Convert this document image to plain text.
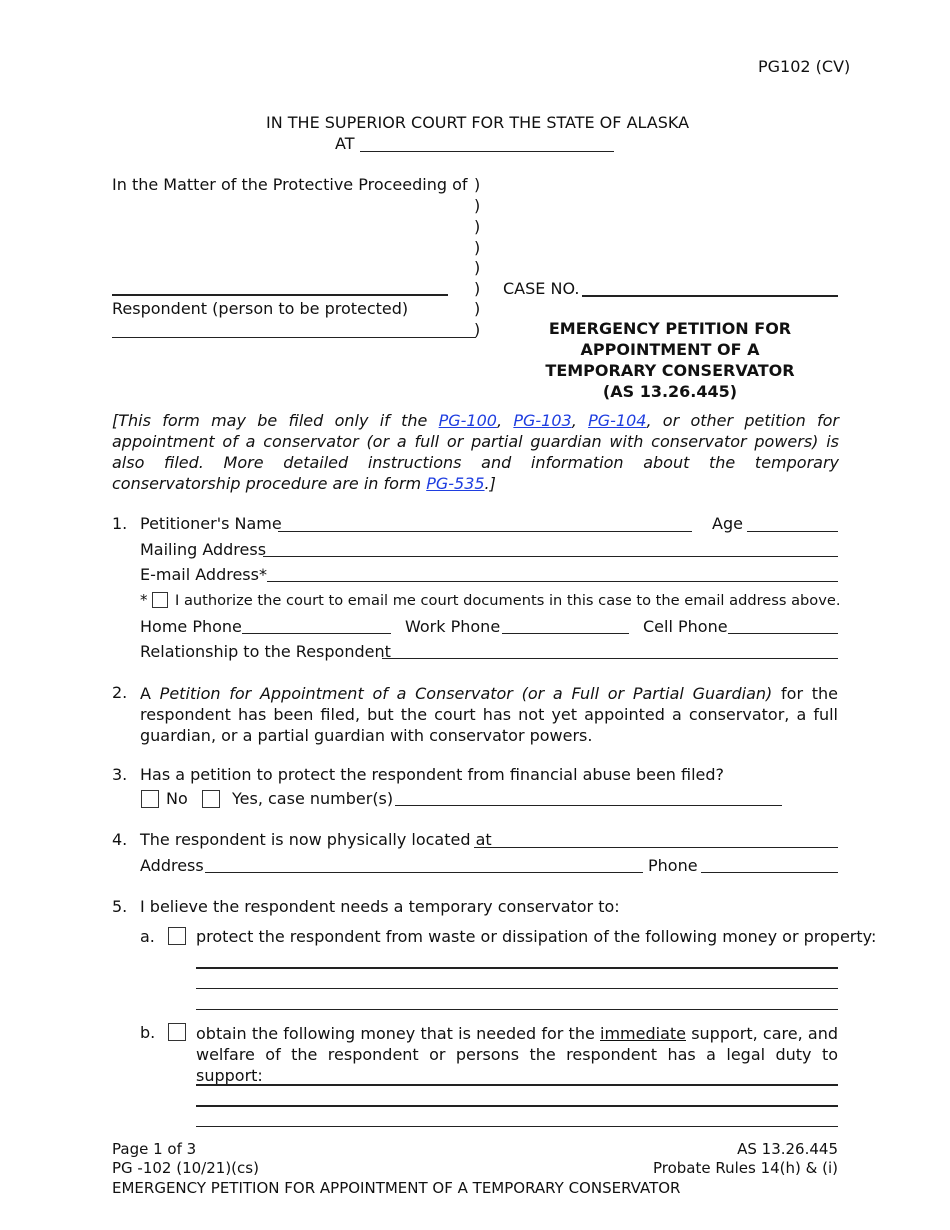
PG102 (CV)
IN THE SUPERIOR COURT FOR THE STATE OF ALASKA
AT
In the Matter of the Protective Proceeding of )
)
)
)
)
)
)
)
Respondent (person to be protected)
CASE NO.
EMERGENCY PETITION FOR
APPOINTMENT OF A
TEMPORARY CONSERVATOR
(AS 13.26.445)
[This form may be filed only if the PG-100, PG-103, PG-104, or other petition for appointment of a conservator (or a full or partial guardian with conservator powers) is also filed. More detailed instructions and information about the temporary conservatorship procedure are in form PG-535.]
1. Petitioner's Name	Age
Mailing Address
E-mail Address*
* I authorize the court to email me court documents in this case to the email address above.
Home Phone	Work Phone	Cell Phone
Relationship to the Respondent
2. A Petition for Appointment of a Conservator (or a Full or Partial Guardian) for the respondent has been filed, but the court has not yet appointed a conservator, a full guardian, or a partial guardian with conservator powers.
3. Has a petition to protect the respondent from financial abuse been filed?
No	Yes, case number(s)
4. The respondent is now physically located at
Address	Phone
5. I believe the respondent needs a temporary conservator to:
a.	protect the respondent from waste or dissipation of the following money or property:
b.	obtain the following money that is needed for the immediate support, care, and welfare of the respondent or persons the respondent has a legal duty to support:
Page 1 of 3
PG -102 (10/21)(cs)
EMERGENCY PETITION FOR APPOINTMENT OF A TEMPORARY CONSERVATOR
AS 13.26.445
Probate Rules 14(h) & (i)
